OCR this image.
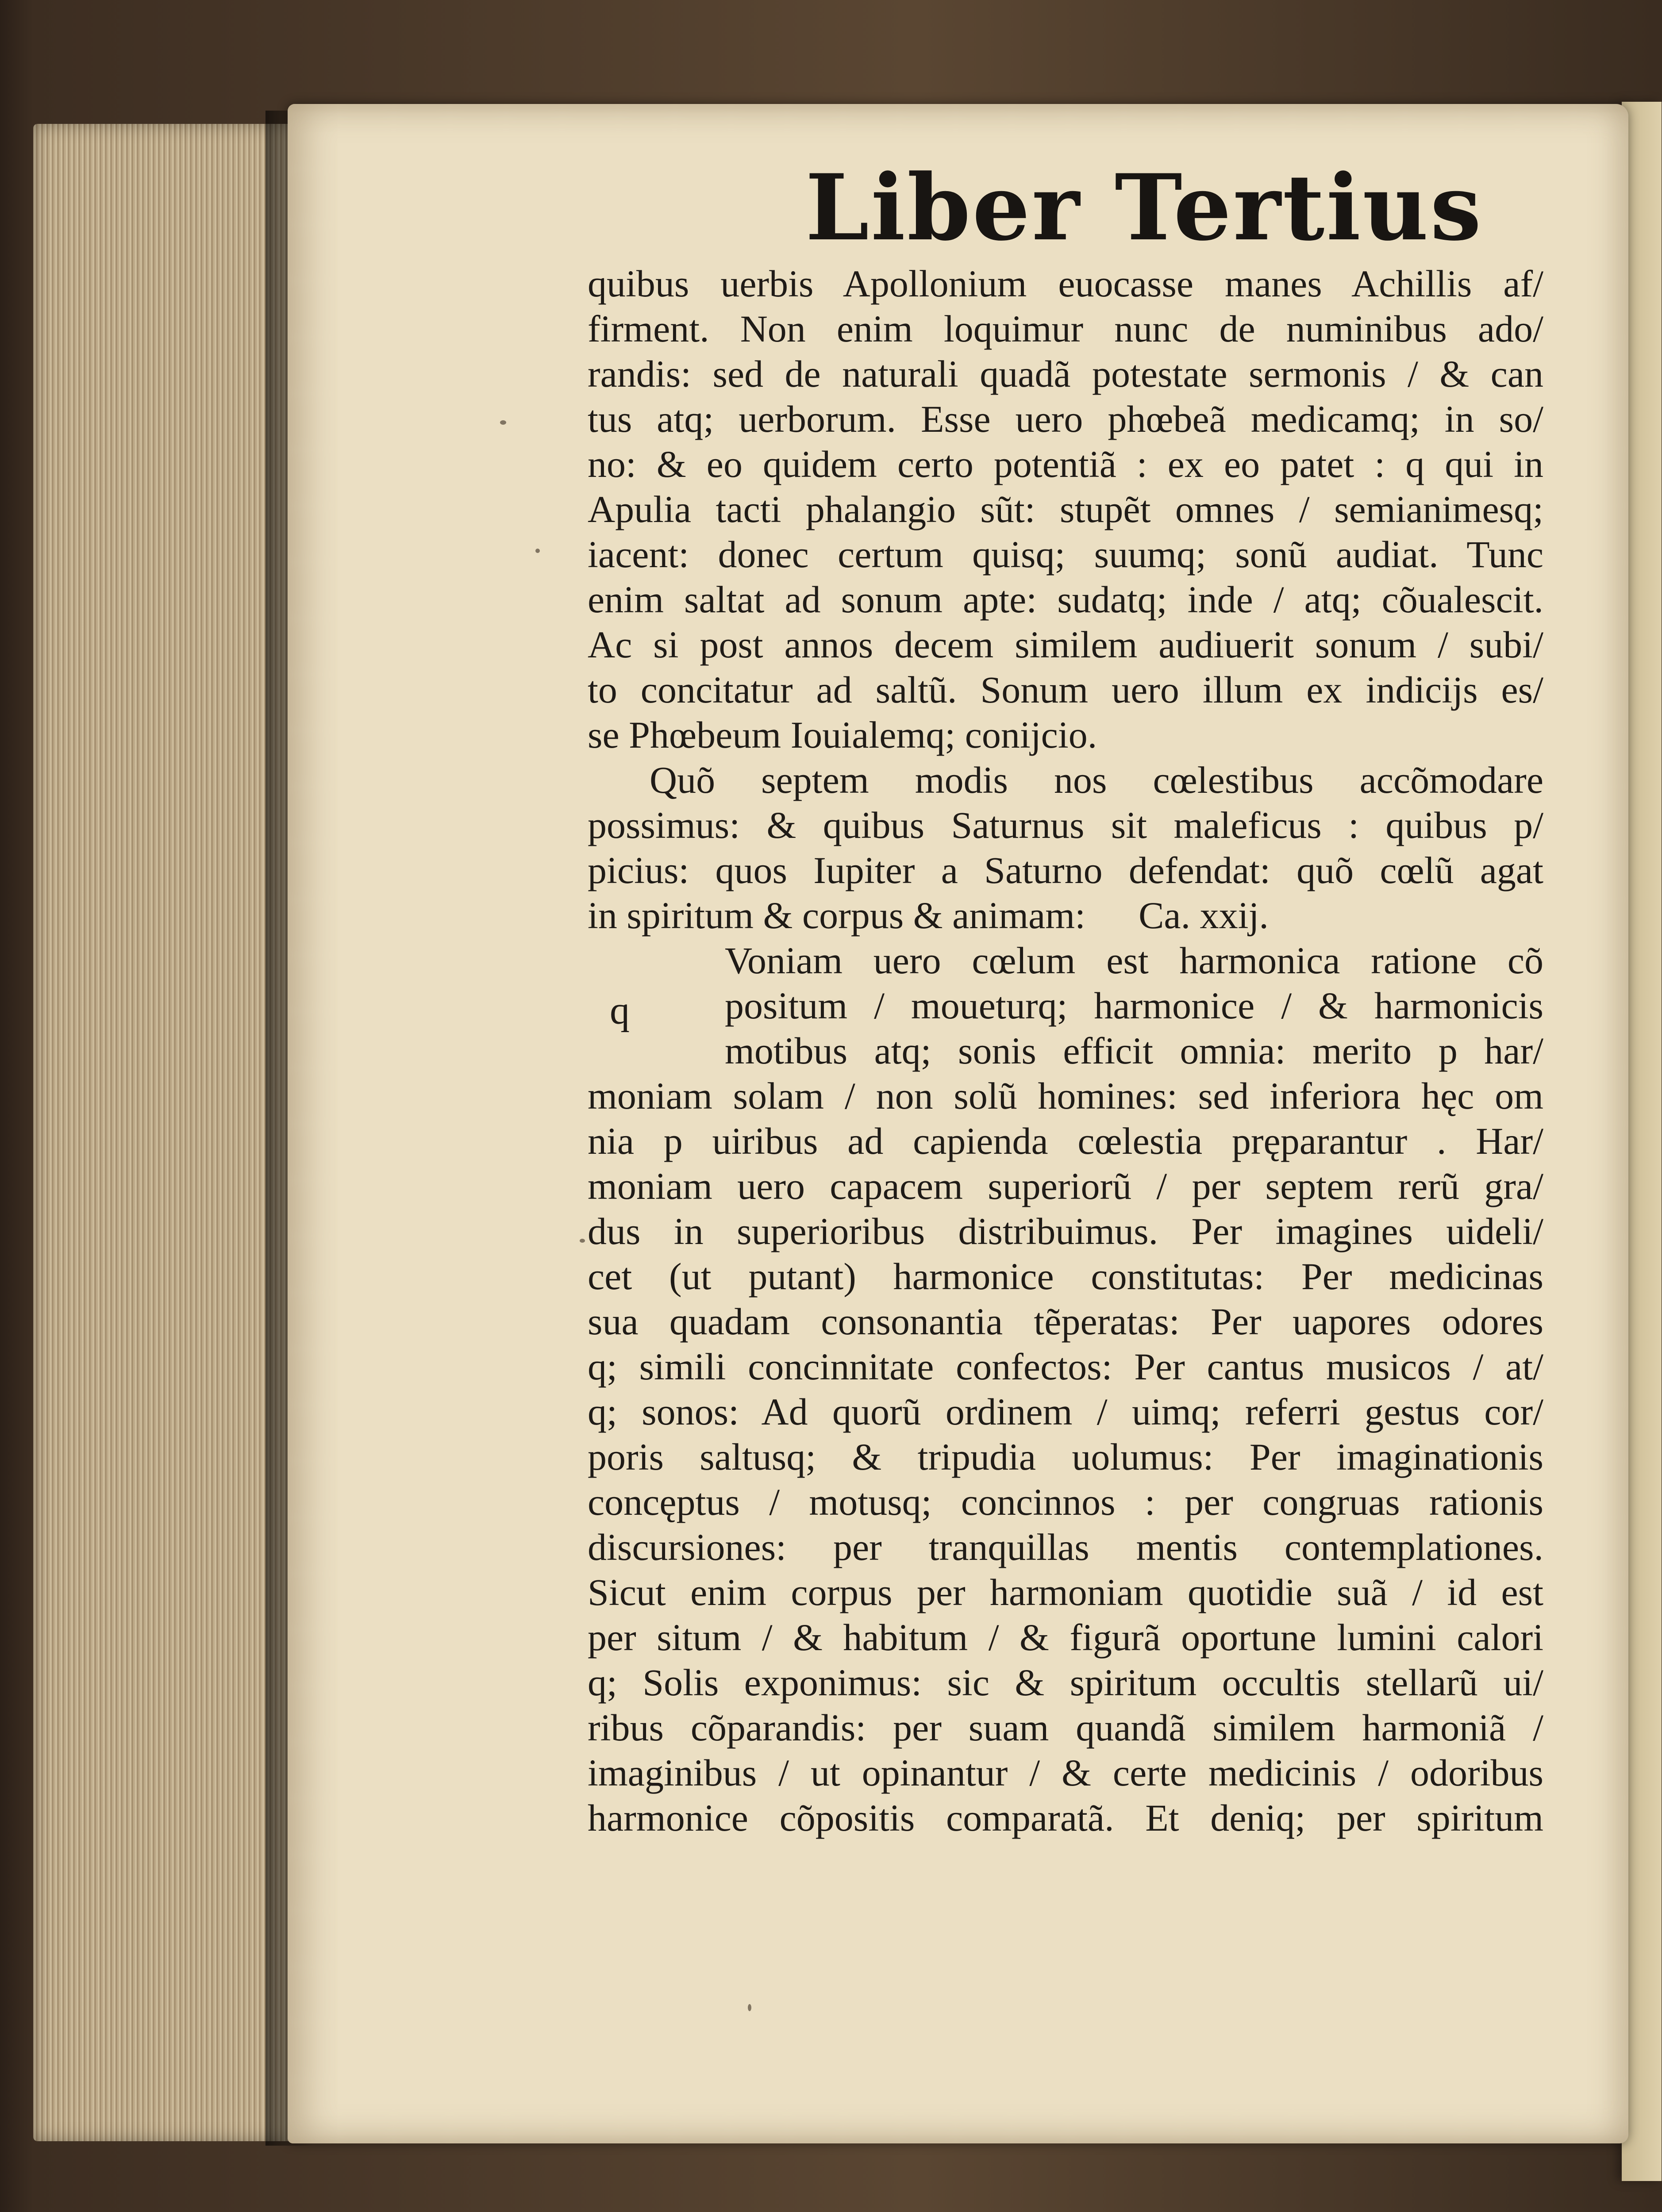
Liber Tertius
quibus uerbis Apollonium euocasse manes Achillis af/
firment. Non enim loquimur nunc de numinibus ado/
randis: sed de naturali quadã potestate sermonis / & can
tus atq; uerborum. Esse uero phœbeã medicamq; in so/
no: & eo quidem certo potentiã : ex eo patet : q qui in
Apulia tacti phalangio sũt: stupẽt omnes / semianimesq;
iacent: donec certum quisq; suumq; sonũ audiat. Tunc
enim saltat ad sonum apte: sudatq; inde / atq; cõualescit.
Ac si post annos decem similem audiuerit sonum / subi/
to concitatur ad saltũ. Sonum uero illum ex indicijs es/
se Phœbeum Iouialemq; conijcio.
Quõ septem modis nos cœlestibus accõmodare
possimus: & quibus Saturnus sit maleficus : quibus p/
picius: quos Iupiter a Saturno defendat: quõ cœlũ agat
in spiritum & corpus & animam: Ca. xxij.
Voniam uero cœlum est harmonica ratione cõ
positum / moueturq; harmonice / & harmonicis
motibus atq; sonis efficit omnia: merito p har/
moniam solam / non solũ homines: sed inferiora hęc om
nia p uiribus ad capienda cœlestia pręparantur . Har/
moniam uero capacem superiorũ / per septem rerũ gra/
dus in superioribus distribuimus. Per imagines uideli/
cet (ut putant) harmonice constitutas: Per medicinas
sua quadam consonantia tẽperatas: Per uapores odores
q; simili concinnitate confectos: Per cantus musicos / at/
q; sonos: Ad quorũ ordinem / uimq; referri gestus cor/
poris saltusq; & tripudia uolumus: Per imaginationis
concęptus / motusq; concinnos : per congruas rationis
discursiones: per tranquillas mentis contemplationes.
Sicut enim corpus per harmoniam quotidie suã / id est
per situm / & habitum / & figurã oportune lumini calori
q; Solis exponimus: sic & spiritum occultis stellarũ ui/
ribus cõparandis: per suam quandã similem harmoniã /
imaginibus / ut opinantur / & certe medicinis / odoribus
harmonice cõpositis comparatã. Et deniq; per spiritum
q
